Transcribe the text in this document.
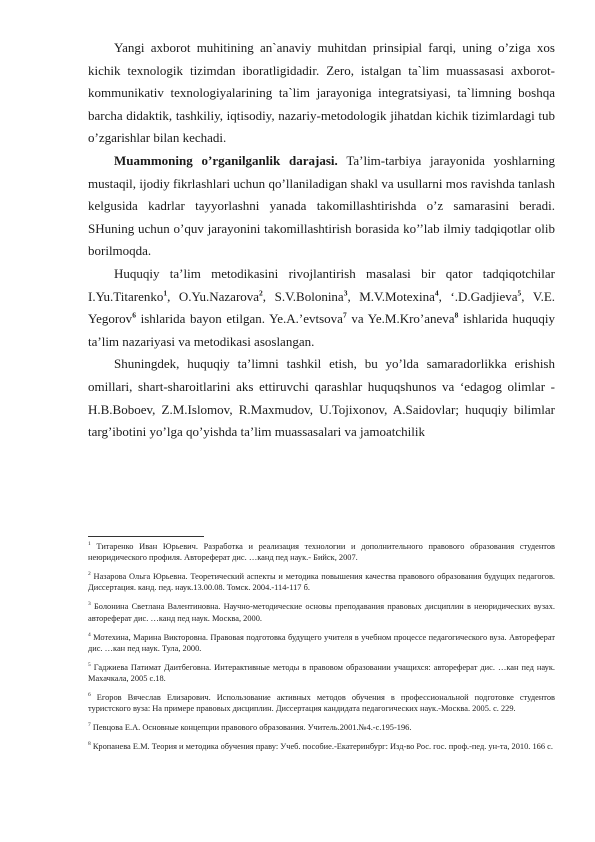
Yangi axborot muhitining an`anaviy muhitdan prinsipial farqi, uning o’ziga xos kichik texnologik tizimdan iboratligidadir. Zero, istalgan ta`lim muassasasi axborot-kommunikativ texnologiyalarining ta`lim jarayoniga integratsiyasi, ta`limning boshqa barcha didaktik, tashkiliy, iqtisodiy, nazariy-metodologik jihatdan kichik tizimlardagi tub o’zgarishlar bilan kechadi.

Muammoning o’rganilganlik darajasi. Ta’lim-tarbiya jarayonida yoshlarning mustaqil, ijodiy fikrlashlari uchun qo’llaniladigan shakl va usullarni mos ravishda tanlash kelgusida kadrlar tayyorlashni yanada takomillashtirishda o’z samarasini beradi. SHuning uchun o’quv jarayonini takomillashtirish borasida ko’’lab ilmiy tadqiqotlar olib borilmoqda.

Huquqiy ta’lim metodikasini rivojlantirish masalasi bir qator tadqiqotchilar I.Yu.Titarenko$^1$, O.Yu.Nazarova$^2$, S.V.Bolonina$^3$, M.V.Motexina$^4$, ‘.D.Gadjieva$^5$, V.E. Yegorov$^6$ ishlarida bayon etilgan. Ye.A.’evtsova$^7$ va Ye.M.Kro’aneva$^8$ ishlarida huquqiy ta’lim nazariyasi va metodikasi asoslangan.

Shuningdek, huquqiy ta’limni tashkil etish, bu yo’lda samaradorlikka erishish omillari, shart-sharoitlarini aks ettiruvchi qarashlar huquqshunos va ‘edagog olimlar - H.B.Boboev, Z.M.Islomov, R.Maxmudov, U.Tojixonov, A.Saidovlar; huquqiy bilimlar targ’ibotini yo’lga qo’yishda ta’lim muassasalari va jamoatchilik

$^1$ Титаренко Иван Юрьевич. Разработка и реализация технологии и дополнительного правового образования студентов неюридического профиля. Автореферат дис. …канд пед наук.- Бийск, 2007.

$^2$ Назарова Ольга Юрьевна. Теоретический аспекты и методика повышения качества правового образования будущих педагогов. Диссертация. канд. пед. наук.13.00.08. Томск. 2004.-114-117 б.

$^3$ Болонина Светлана Валентиновна. Научно-методические основы преподавания правовых дисциплин в неюридических вузах. автореферат дис. …канд пед наук. Москва, 2000.

$^4$ Мотехина, Марина Викторовна. Правовая подготовка будущего учителя в учебном процессе педагогического вуза. Автореферат дис. …кан пед наук. Тула, 2000.

$^5$ Гаджиева Патимат Даитбеговна. Интерактивные методы в правовом образовании учащихся: автореферат дис. …кан пед наук. Махачкала, 2005 с.18.

$^6$ Егоров Вячеслав Елизарович. Использование активных методов обучения в профессиональной подготовке студентов туристского вуза: На примере правовых дисциплин. Диссертация кандидата педагогических наук.-Москва. 2005. с. 229.

$^7$ Певцова Е.А. Основные концепции правового образования. Учитель.2001.№4.-с.195-196.

$^8$ Кропанева Е.М. Теория и методика обучения праву: Учеб. пособие.-Екатеринбург: Изд-во Рос. гос. проф.-пед. ун-та, 2010. 166 с.
